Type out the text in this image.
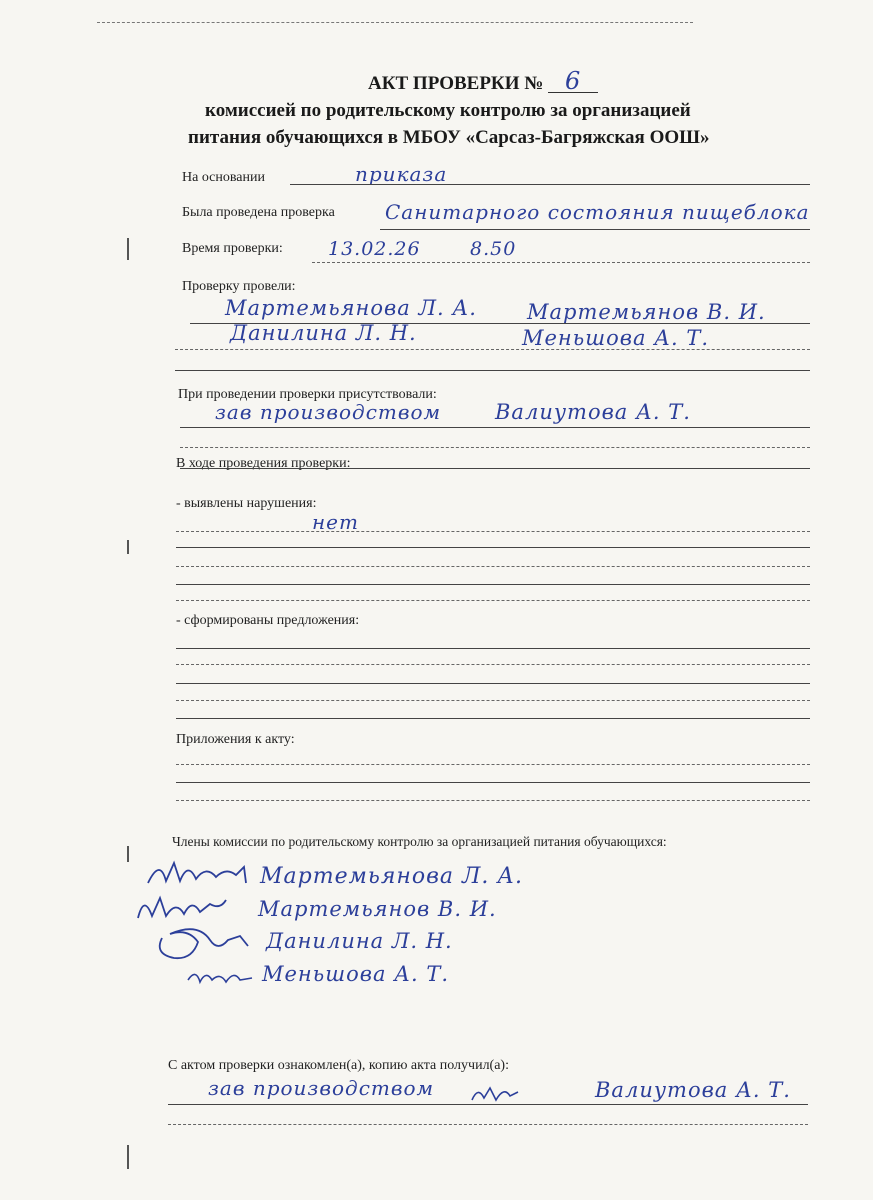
АКТ ПРОВЕРКИ № 6
комиссией по родительскому контролю за организацией
питания обучающихся в МБОУ «Сарсаз-Багряжская ООШ»
На основании	приказа
Была проведена проверка	Санитарного состояния пищеблока
Время проверки: 13.02.26	8.50
Проверку провели:
Мартемьянова Л. А. Мартемьянов В. И.
Данилина Л. Н.	Меньшова А. Т.
При проведении проверки присутствовали:
зав производством	Валиутова А. Т.
В ходе проведения проверки:
- выявлены нарушения:
нет
- сформированы предложения:
Приложения к акту:
Члены комиссии по родительскому контролю за организацией питания обучающихся:
Мартемьянова Л. А.
Мартемьянов В. И.
Данилина Л. Н.
Меньшова А. Т.
С актом проверки ознакомлен(а), копию акта получил(а):
зав производством	Валиутова А. Т.
